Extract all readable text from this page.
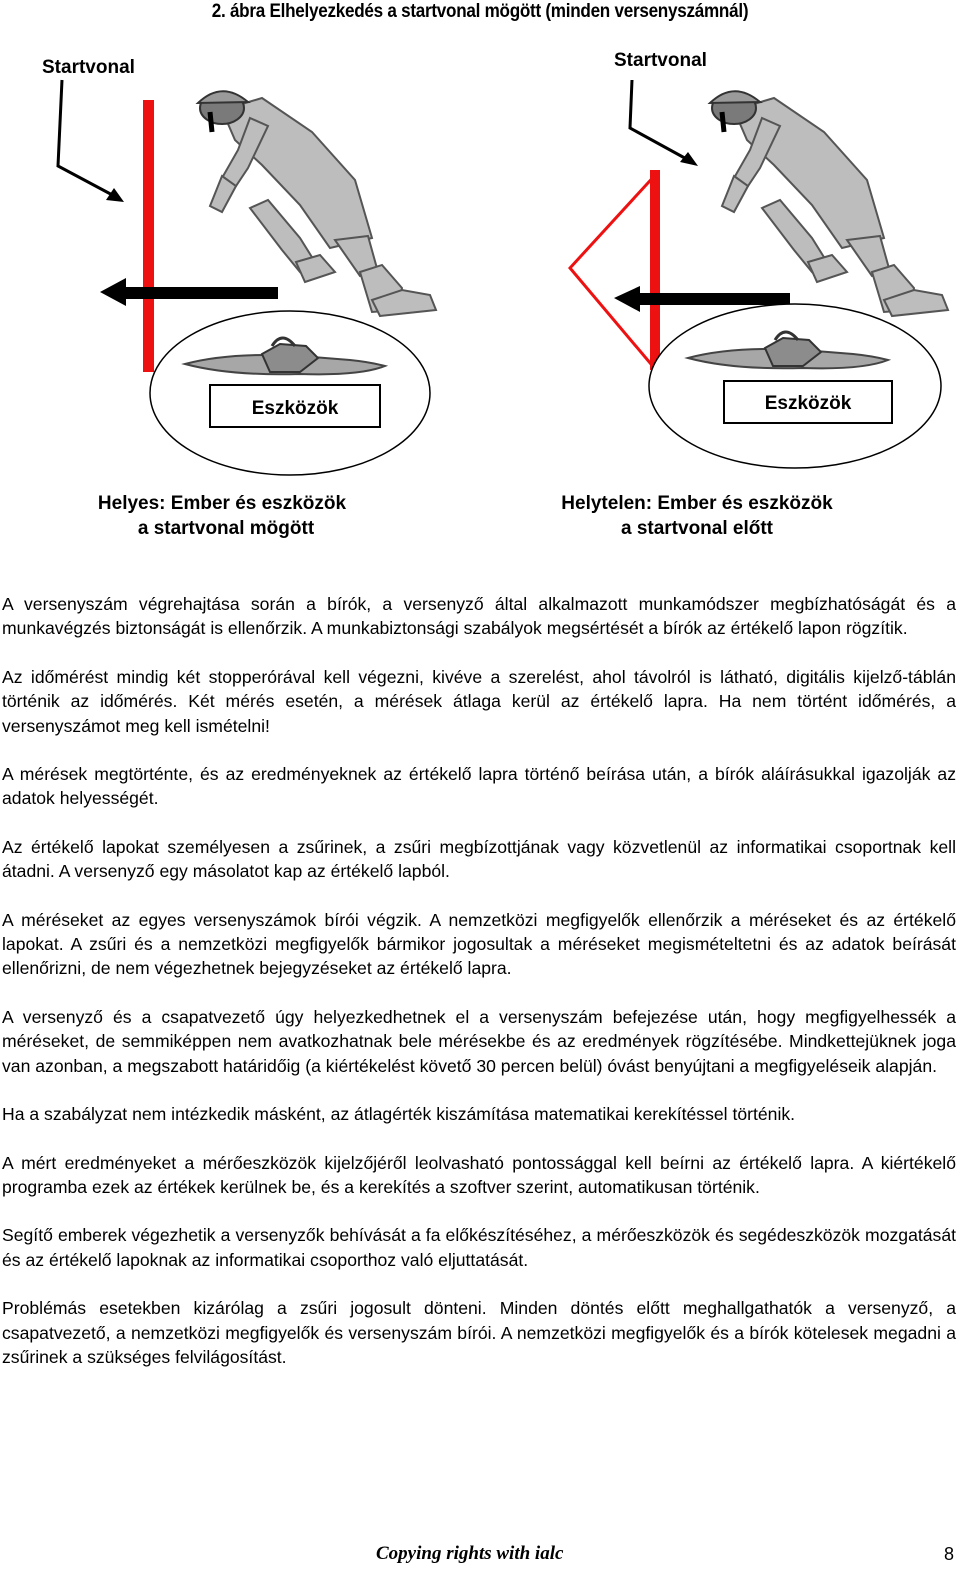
2. ábra Elhelyezkedés a startvonal mögött (minden versenyszámnál)
Startvonal
Eszközök
Helyes: Ember és eszközök
a startvonal mögött
Startvonal
Eszközök
Helytelen: Ember és eszközök
a startvonal előtt

A versenyszám végrehajtása során a bírók, a versenyző által alkalmazott munkamódszer megbízhatóságát és a munkavégzés biztonságát is ellenőrzik. A munkabiztonsági szabályok megsértését a bírók az értékelő lapon rögzítik.

Az időmérést mindig két stopperórával kell végezni, kivéve a szerelést, ahol távolról is látható, digitális kijelző-táblán történik az időmérés. Két mérés esetén, a mérések átlaga kerül az értékelő lapra. Ha nem történt időmérés, a versenyszámot meg kell ismételni!

A mérések megtörténte, és az eredményeknek az értékelő lapra történő beírása után, a bírók aláírásukkal igazolják az adatok helyességét.

Az értékelő lapokat személyesen a zsűrinek, a zsűri megbízottjának vagy közvetlenül az informatikai csoportnak kell átadni. A versenyző egy másolatot kap az értékelő lapból.

A méréseket az egyes versenyszámok bírói végzik. A nemzetközi megfigyelők ellenőrzik a méréseket és az értékelő lapokat. A zsűri és a nemzetközi megfigyelők bármikor jogosultak a méréseket megismételtetni és az adatok beírását ellenőrizni, de nem végezhetnek bejegyzéseket az értékelő lapra.

A versenyző és a csapatvezető úgy helyezkedhetnek el a versenyszám befejezése után, hogy megfigyelhessék a méréseket, de semmiképpen nem avatkozhatnak bele mérésekbe és az eredmények rögzítésébe. Mindkettejüknek joga van azonban, a megszabott határidőig (a kiértékelést követő 30 percen belül) óvást benyújtani a megfigyeléseik alapján.

Ha a szabályzat nem intézkedik másként, az átlagérték kiszámítása matematikai kerekítéssel történik.

A mért eredményeket a mérőeszközök kijelzőjéről leolvasható pontossággal kell beírni az értékelő lapra. A kiértékelő programba ezek az értékek kerülnek be, és a kerekítés a szoftver szerint, automatikusan történik.

Segítő emberek végezhetik a versenyzők behívását a fa előkészítéséhez, a mérőeszközök és segédeszközök mozgatását és az értékelő lapoknak az informatikai csoporthoz való eljuttatását.

Problémás esetekben kizárólag a zsűri jogosult dönteni. Minden döntés előtt meghallgathatók a versenyző, a csapatvezető, a nemzetközi megfigyelők és versenyszám bírói. A nemzetközi megfigyelők és a bírók kötelesek megadni a zsűrinek a szükséges felvilágosítást.

Copying rights with ialc	8
